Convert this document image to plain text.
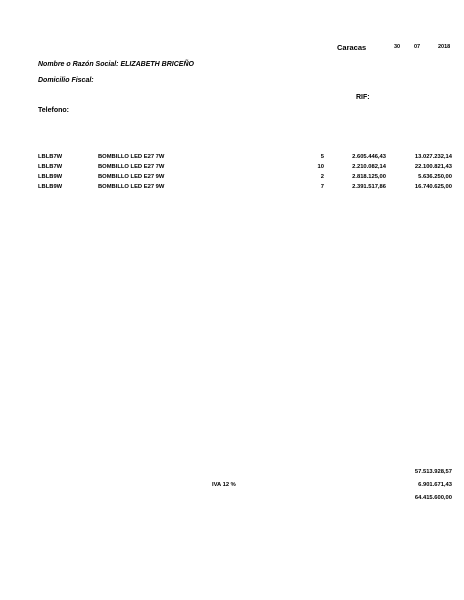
Caracas	30	07	2018
Nombre o Razón Social: ELIZABETH BRICEÑO
Domicilio Fiscal:
RIF:
Telefono:
LBLB7W	BOMBILLO LED E27 7W	5	2.605.446,43	13.027.232,14
LBLB7W	BOMBILLO LED E27 7W	10	2.210.082,14	22.100.821,43
LBLB9W	BOMBILLO LED E27 9W	2	2.818.125,00	5.636.250,00
LBLB9W	BOMBILLO LED E27 9W	7	2.391.517,86	16.740.625,00
57.513.928,57
IVA 12 %	6.901.671,43
64.415.600,00
